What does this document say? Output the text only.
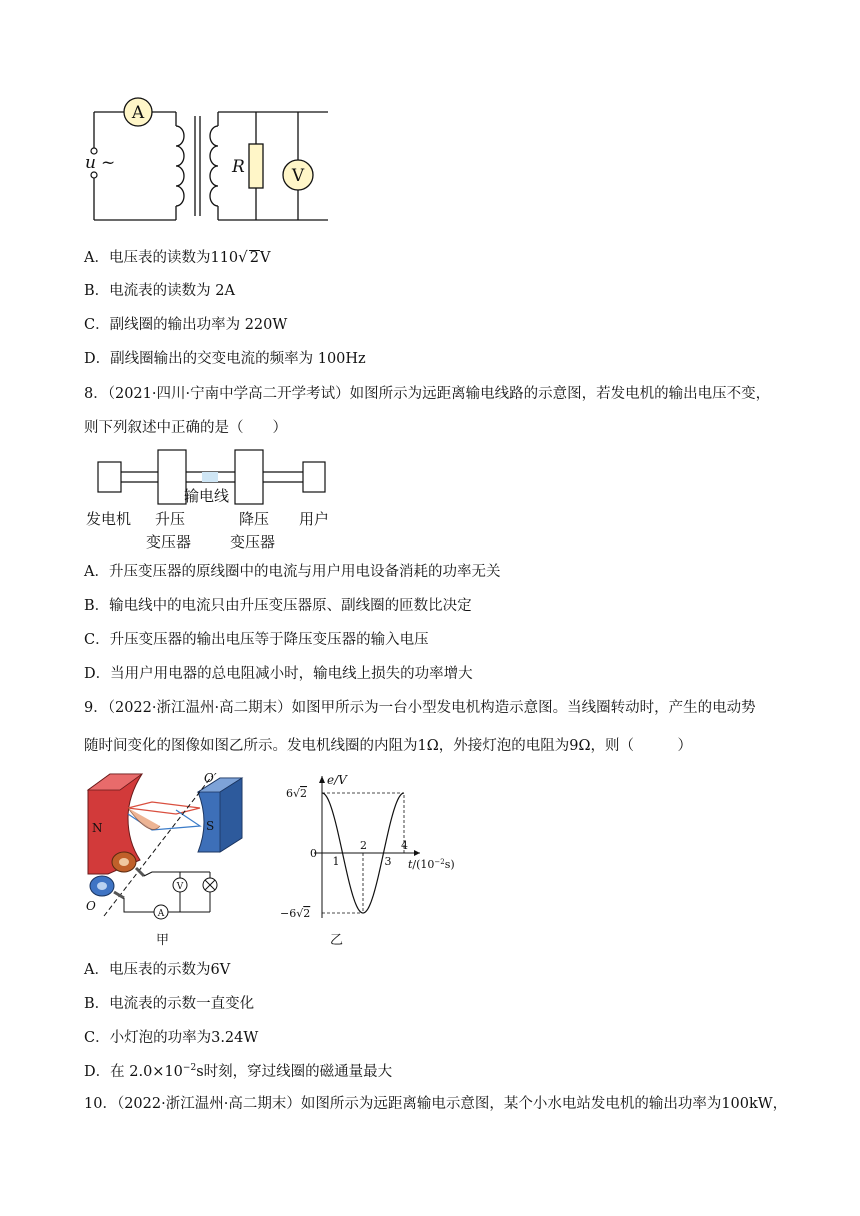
A
R	V
u ~
A．电压表的读数为110√ 2V
B．电流表的读数为 2A
C．副线圈的输出功率为 220W
D．副线圈输出的交变电流的频率为 100Hz
8．（2021·四川·宁南中学高二开学考试）如图所示为远距离输电线路的示意图，若发电机的输出电压不变，
则下列叙述中正确的是（　　）
输电线
发电机 升压
变压器
降压
变压器
用户
A．升压变压器的原线圈中的电流与用户用电设备消耗的功率无关
B．输电线中的电流只由升压变压器原、副线圈的匝数比决定
C．升压变压器的输出电压等于降压变压器的输入电压
D．当用户用电器的总电阻减小时，输电线上损失的功率增大
9．（2022·浙江温州·高二期末）如图甲所示为一台小型发电机构造示意图。当线圈转动时，产生的电动势
随时间变化的图像如图乙所示。发电机线圈的内阻为1Ω，外接灯泡的电阻为9Ω，则（　　　）
N	S
O′
O
V
A
甲
e/V
6√2
−6√2
0
1
2
3
4
$t/(10^{-2}s)$
乙
A．电压表的示数为6V
B．电流表的示数一直变化
C．小灯泡的功率为3.24W
D．在 $2.0\times 10^{-2}s$时刻，穿过线圈的磁通量最大
10．（2022·浙江温州·高二期末）如图所示为远距离输电示意图，某个小水电站发电机的输出功率为100kW，
